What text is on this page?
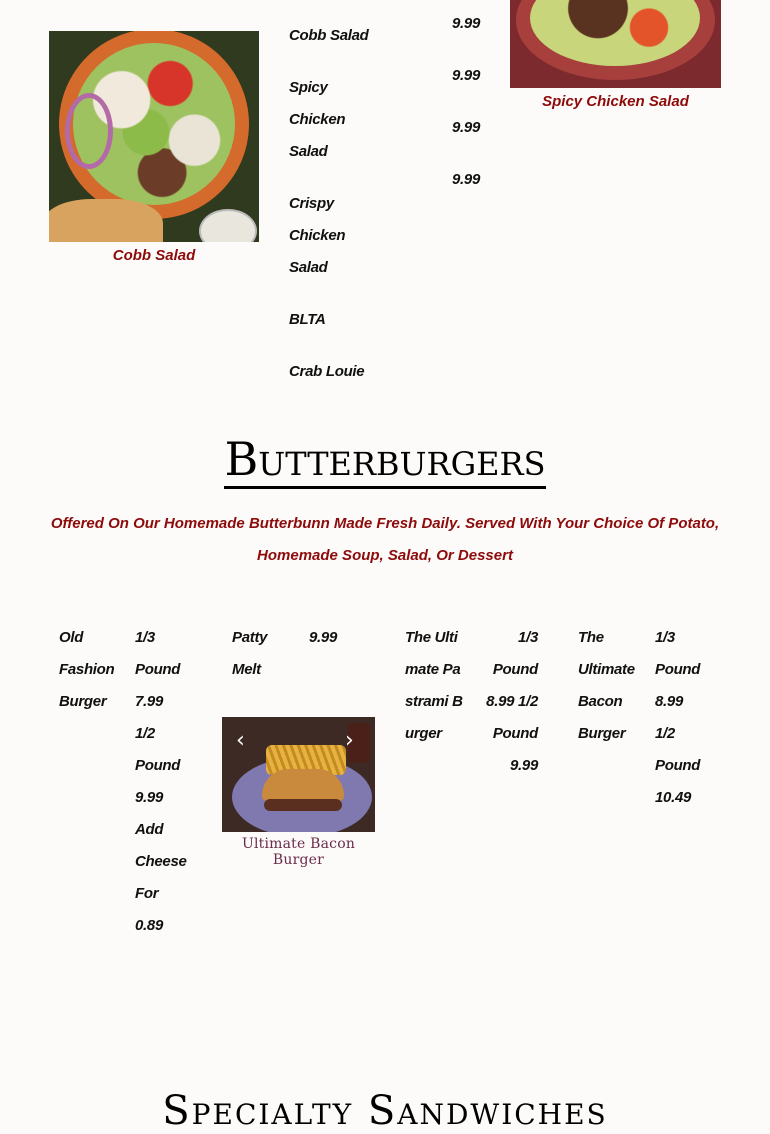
Cobb Salad
Cobb Salad
Spicy Chicken Salad
Crispy Chicken Salad
BLTA
Crab Louie
9.99
9.99
9.99
9.99
Spicy Chicken Salad
Butterburgers
Offered On Our Homemade Butterbunn Made Fresh Daily. Served With Your Choice Of Potato, Homemade Soup, Salad, Or Dessert
Old Fashion Burger
1/3 Pound 7.99 1/2 Pound 9.99 Add Cheese For 0.89
Patty Melt
9.99
‹	›
Ultimate Bacon Burger
The Ultimate Pastrami Burger
1/3 Pound 8.99 1/2 Pound 9.99
The Ultimate Bacon Burger
1/3 Pound 8.99 1/2 Pound 10.49
Specialty Sandwiches
